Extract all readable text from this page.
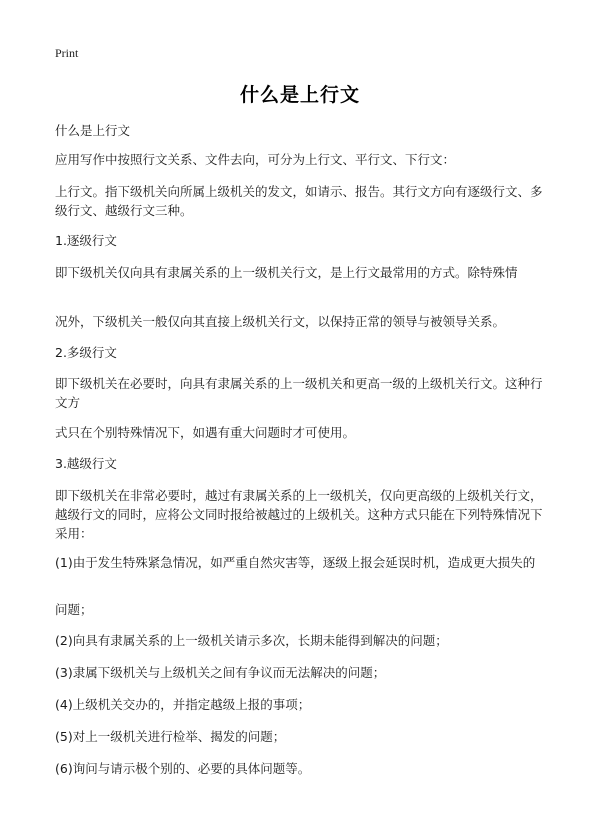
Print
什么是上行文

什么是上行文

应用写作中按照行文关系、文件去向，可分为上行文、平行文、下行文：

上行文。指下级机关向所属上级机关的发文，如请示、报告。其行文方向有逐级行文、多级行文、越级行文三种。

1.逐级行文

即下级机关仅向具有隶属关系的上一级机关行文，是上行文最常用的方式。除特殊情

况外，下级机关一般仅向其直接上级机关行文，以保持正常的领导与被领导关系。

2.多级行文

即下级机关在必要时，向具有隶属关系的上一级机关和更高一级的上级机关行文。这种行文方

式只在个别特殊情况下，如遇有重大问题时才可使用。

3.越级行文

即下级机关在非常必要时，越过有隶属关系的上一级机关，仅向更高级的上级机关行文，越级行文的同时，应将公文同时报给被越过的上级机关。这种方式只能在下列特殊情况下采用：

(1)由于发生特殊紧急情况，如严重自然灾害等，逐级上报会延误时机，造成更大损失的

问题；

(2)向具有隶属关系的上一级机关请示多次，长期未能得到解决的问题；

(3)隶属下级机关与上级机关之间有争议而无法解决的问题；

(4)上级机关交办的，并指定越级上报的事项；

(5)对上一级机关进行检举、揭发的问题；

(6)询问与请示极个别的、必要的具体问题等。
